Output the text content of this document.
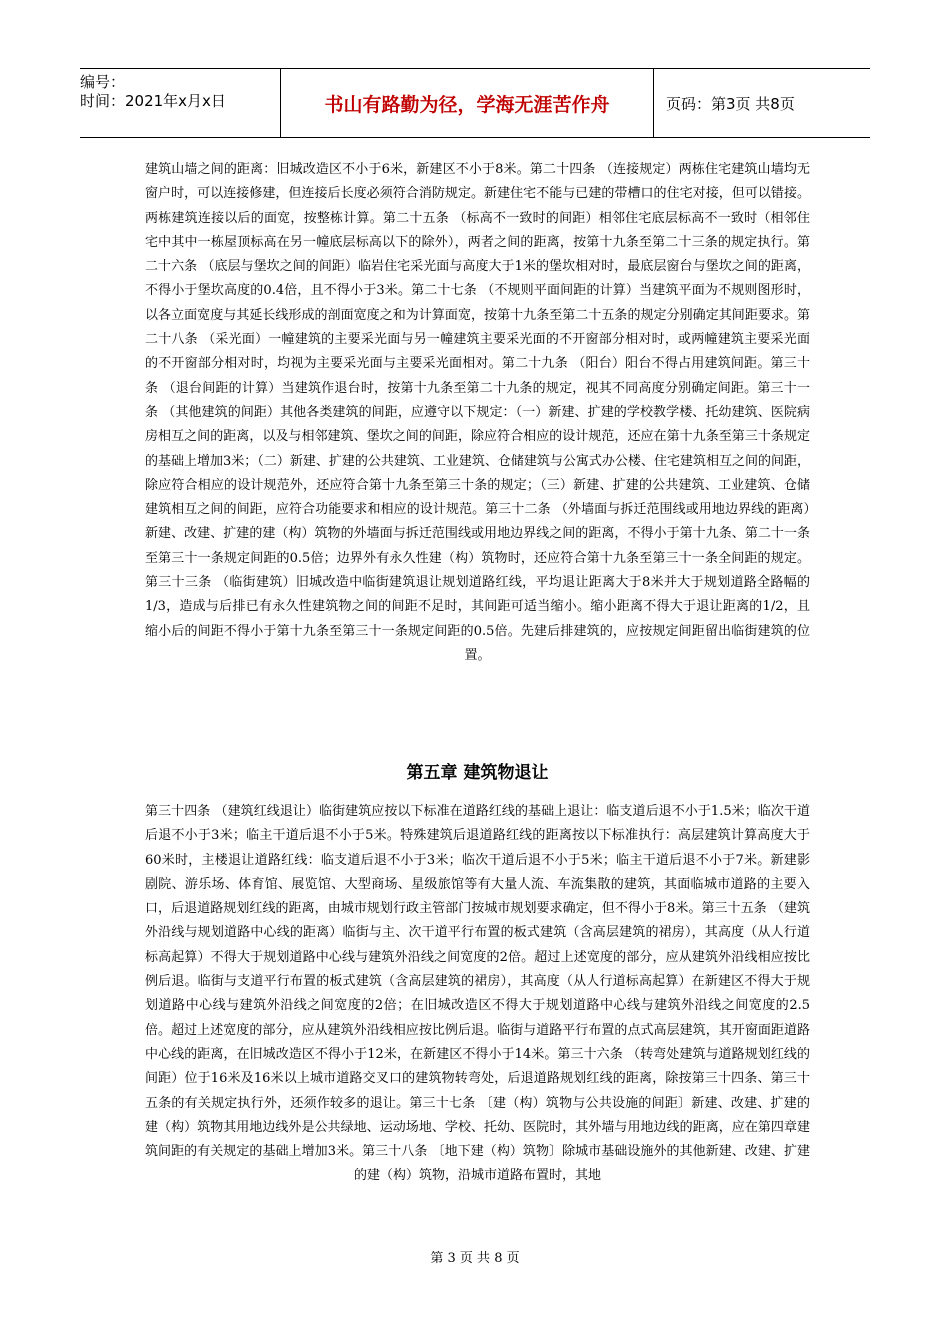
编号：
时间：2021年x月x日	书山有路勤为径，学海无涯苦作舟	页码：第3页 共8页
建筑山墙之间的距离：旧城改造区不小于6米，新建区不小于8米。第二十四条 （连接规定）两栋住宅建筑山墙均无窗户时，可以连接修建，但连接后长度必须符合消防规定。新建住宅不能与已建的带槽口的住宅对接，但可以错接。两栋建筑连接以后的面宽，按整栋计算。第二十五条 （标高不一致时的间距）相邻住宅底层标高不一致时（相邻住宅中其中一栋屋顶标高在另一幢底层标高以下的除外），两者之间的距离，按第十九条至第二十三条的规定执行。第二十六条 （底层与堡坎之间的间距）临岩住宅采光面与高度大于1米的堡坎相对时，最底层窗台与堡坎之间的距离，不得小于堡坎高度的0.4倍，且不得小于3米。第二十七条 （不规则平面间距的计算）当建筑平面为不规则图形时，以各立面宽度与其延长线形成的剖面宽度之和为计算面宽，按第十九条至第二十五条的规定分别确定其间距要求。第二十八条 （采光面）一幢建筑的主要采光面与另一幢建筑主要采光面的不开窗部分相对时，或两幢建筑主要采光面的不开窗部分相对时，均视为主要采光面与主要采光面相对。第二十九条 （阳台）阳台不得占用建筑间距。第三十条 （退台间距的计算）当建筑作退台时，按第十九条至第二十九条的规定，视其不同高度分别确定间距。第三十一条 （其他建筑的间距）其他各类建筑的间距，应遵守以下规定：（一）新建、扩建的学校教学楼、托幼建筑、医院病房相互之间的距离，以及与相邻建筑、堡坎之间的间距，除应符合相应的设计规范，还应在第十九条至第三十条规定的基础上增加3米；（二）新建、扩建的公共建筑、工业建筑、仓储建筑与公寓式办公楼、住宅建筑相互之间的间距，除应符合相应的设计规范外，还应符合第十九条至第三十条的规定；（三）新建、扩建的公共建筑、工业建筑、仓储建筑相互之间的间距，应符合功能要求和相应的设计规范。第三十二条 （外墙面与拆迁范围线或用地边界线的距离）新建、改建、扩建的建（构）筑物的外墙面与拆迁范围线或用地边界线之间的距离，不得小于第十九条、第二十一条至第三十一条规定间距的0.5倍；边界外有永久性建（构）筑物时，还应符合第十九条至第三十一条全间距的规定。第三十三条 （临街建筑）旧城改造中临街建筑退让规划道路红线，平均退让距离大于8米并大于规划道路全路幅的1/3，造成与后排已有永久性建筑物之间的间距不足时，其间距可适当缩小。缩小距离不得大于退让距离的1/2，且缩小后的间距不得小于第十九条至第三十一条规定间距的0.5倍。先建后排建筑的，应按规定间距留出临街建筑的位置。
第五章 建筑物退让
第三十四条 （建筑红线退让）临街建筑应按以下标准在道路红线的基础上退让：临支道后退不小于1.5米；临次干道后退不小于3米；临主干道后退不小于5米。特殊建筑后退道路红线的距离按以下标准执行：高层建筑计算高度大于60米时，主楼退让道路红线：临支道后退不小于3米；临次干道后退不小于5米；临主干道后退不小于7米。新建影剧院、游乐场、体育馆、展览馆、大型商场、星级旅馆等有大量人流、车流集散的建筑，其面临城市道路的主要入口，后退道路规划红线的距离，由城市规划行政主管部门按城市规划要求确定，但不得小于8米。第三十五条 （建筑外沿线与规划道路中心线的距离）临街与主、次干道平行布置的板式建筑（含高层建筑的裙房），其高度（从人行道标高起算）不得大于规划道路中心线与建筑外沿线之间宽度的2倍。超过上述宽度的部分，应从建筑外沿线相应按比例后退。临街与支道平行布置的板式建筑（含高层建筑的裙房），其高度（从人行道标高起算）在新建区不得大于规划道路中心线与建筑外沿线之间宽度的2倍；在旧城改造区不得大于规划道路中心线与建筑外沿线之间宽度的2.5倍。超过上述宽度的部分，应从建筑外沿线相应按比例后退。临街与道路平行布置的点式高层建筑，其开窗面距道路中心线的距离，在旧城改造区不得小于12米，在新建区不得小于14米。第三十六条 （转弯处建筑与道路规划红线的间距）位于16米及16米以上城市道路交叉口的建筑物转弯处，后退道路规划红线的距离，除按第三十四条、第三十五条的有关规定执行外，还须作较多的退让。第三十七条 〔建（构）筑物与公共设施的间距〕新建、改建、扩建的建（构）筑物其用地边线外是公共绿地、运动场地、学校、托幼、医院时，其外墙与用地边线的距离，应在第四章建筑间距的有关规定的基础上增加3米。第三十八条 〔地下建（构）筑物〕除城市基础设施外的其他新建、改建、扩建的建（构）筑物，沿城市道路布置时，其地
第 3 页 共 8 页
